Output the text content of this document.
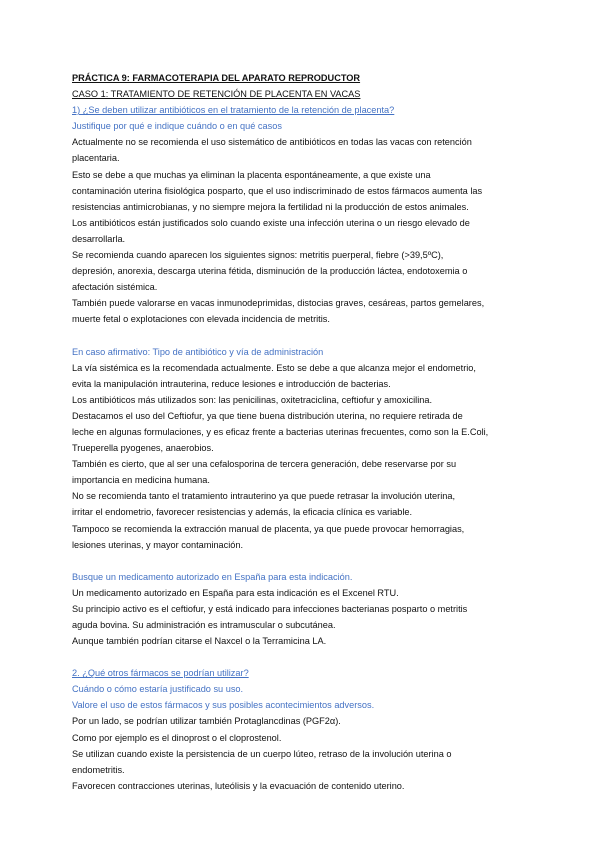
PRÁCTICA 9: FARMACOTERAPIA DEL APARATO REPRODUCTOR
CASO 1: TRATAMIENTO DE RETENCIÓN DE PLACENTA EN VACAS
1) ¿Se deben utilizar antibióticos en el tratamiento de la retención de placenta?
Justifique por qué e indique cuándo o en qué casos
Actualmente no se recomienda el uso sistemático de antibióticos en todas las vacas con retención
placentaria.
Esto se debe a que muchas ya eliminan la placenta espontáneamente, a que existe una
contaminación uterina fisiológica posparto, que el uso indiscriminado de estos fármacos aumenta las
resistencias antimicrobianas, y no siempre mejora la fertilidad ni la producción de estos animales.
Los antibióticos están justificados solo cuando existe una infección uterina o un riesgo elevado de
desarrollarla.
Se recomienda cuando aparecen los siguientes signos: metritis puerperal, fiebre (>39,5ºC),
depresión, anorexia, descarga uterina fétida, disminución de la producción láctea, endotoxemia o
afectación sistémica.
También puede valorarse en vacas inmunodeprimidas, distocias graves, cesáreas, partos gemelares,
muerte fetal o explotaciones con elevada incidencia de metritis.
En caso afirmativo: Tipo de antibiótico y vía de administración
La vía sistémica es la recomendada actualmente. Esto se debe a que alcanza mejor el endometrio,
evita la manipulación intrauterina, reduce lesiones e introducción de bacterias.
Los antibióticos más utilizados son: las penicilinas, oxitetraciclina, ceftiofur y amoxicilina.
Destacamos el uso del Ceftiofur, ya que tiene buena distribución uterina, no requiere retirada de
leche en algunas formulaciones, y es eficaz frente a bacterias uterinas frecuentes, como son la E.Coli,
Trueperella pyogenes, anaerobios.
También es cierto, que al ser una cefalosporina de tercera generación, debe reservarse por su
importancia en medicina humana.
No se recomienda tanto el tratamiento intrauterino ya que puede retrasar la involución uterina,
irritar el endometrio, favorecer resistencias y además, la eficacia clínica es variable.
Tampoco se recomienda la extracción manual de placenta, ya que puede provocar hemorragias,
lesiones uterinas, y mayor contaminación.
Busque un medicamento autorizado en España para esta indicación.
Un medicamento autorizado en España para esta indicación es el Excenel RTU.
Su principio activo es el ceftiofur, y está indicado para infecciones bacterianas posparto o metritis
aguda bovina. Su administración es intramuscular o subcutánea.
Aunque también podrían citarse el Naxcel o la Terramicina LA.
2. ¿Qué otros fármacos se podrían utilizar?
Cuándo o cómo estaría justificado su uso.
Valore el uso de estos fármacos y sus posibles acontecimientos adversos.
Por un lado, se podrían utilizar también Protaglancdinas (PGF2α).
Como por ejemplo es el dinoprost o el cloprostenol.
Se utilizan cuando existe la persistencia de un cuerpo lúteo, retraso de la involución uterina o
endometritis.
Favorecen contracciones uterinas, luteólisis y la evacuación de contenido uterino.
